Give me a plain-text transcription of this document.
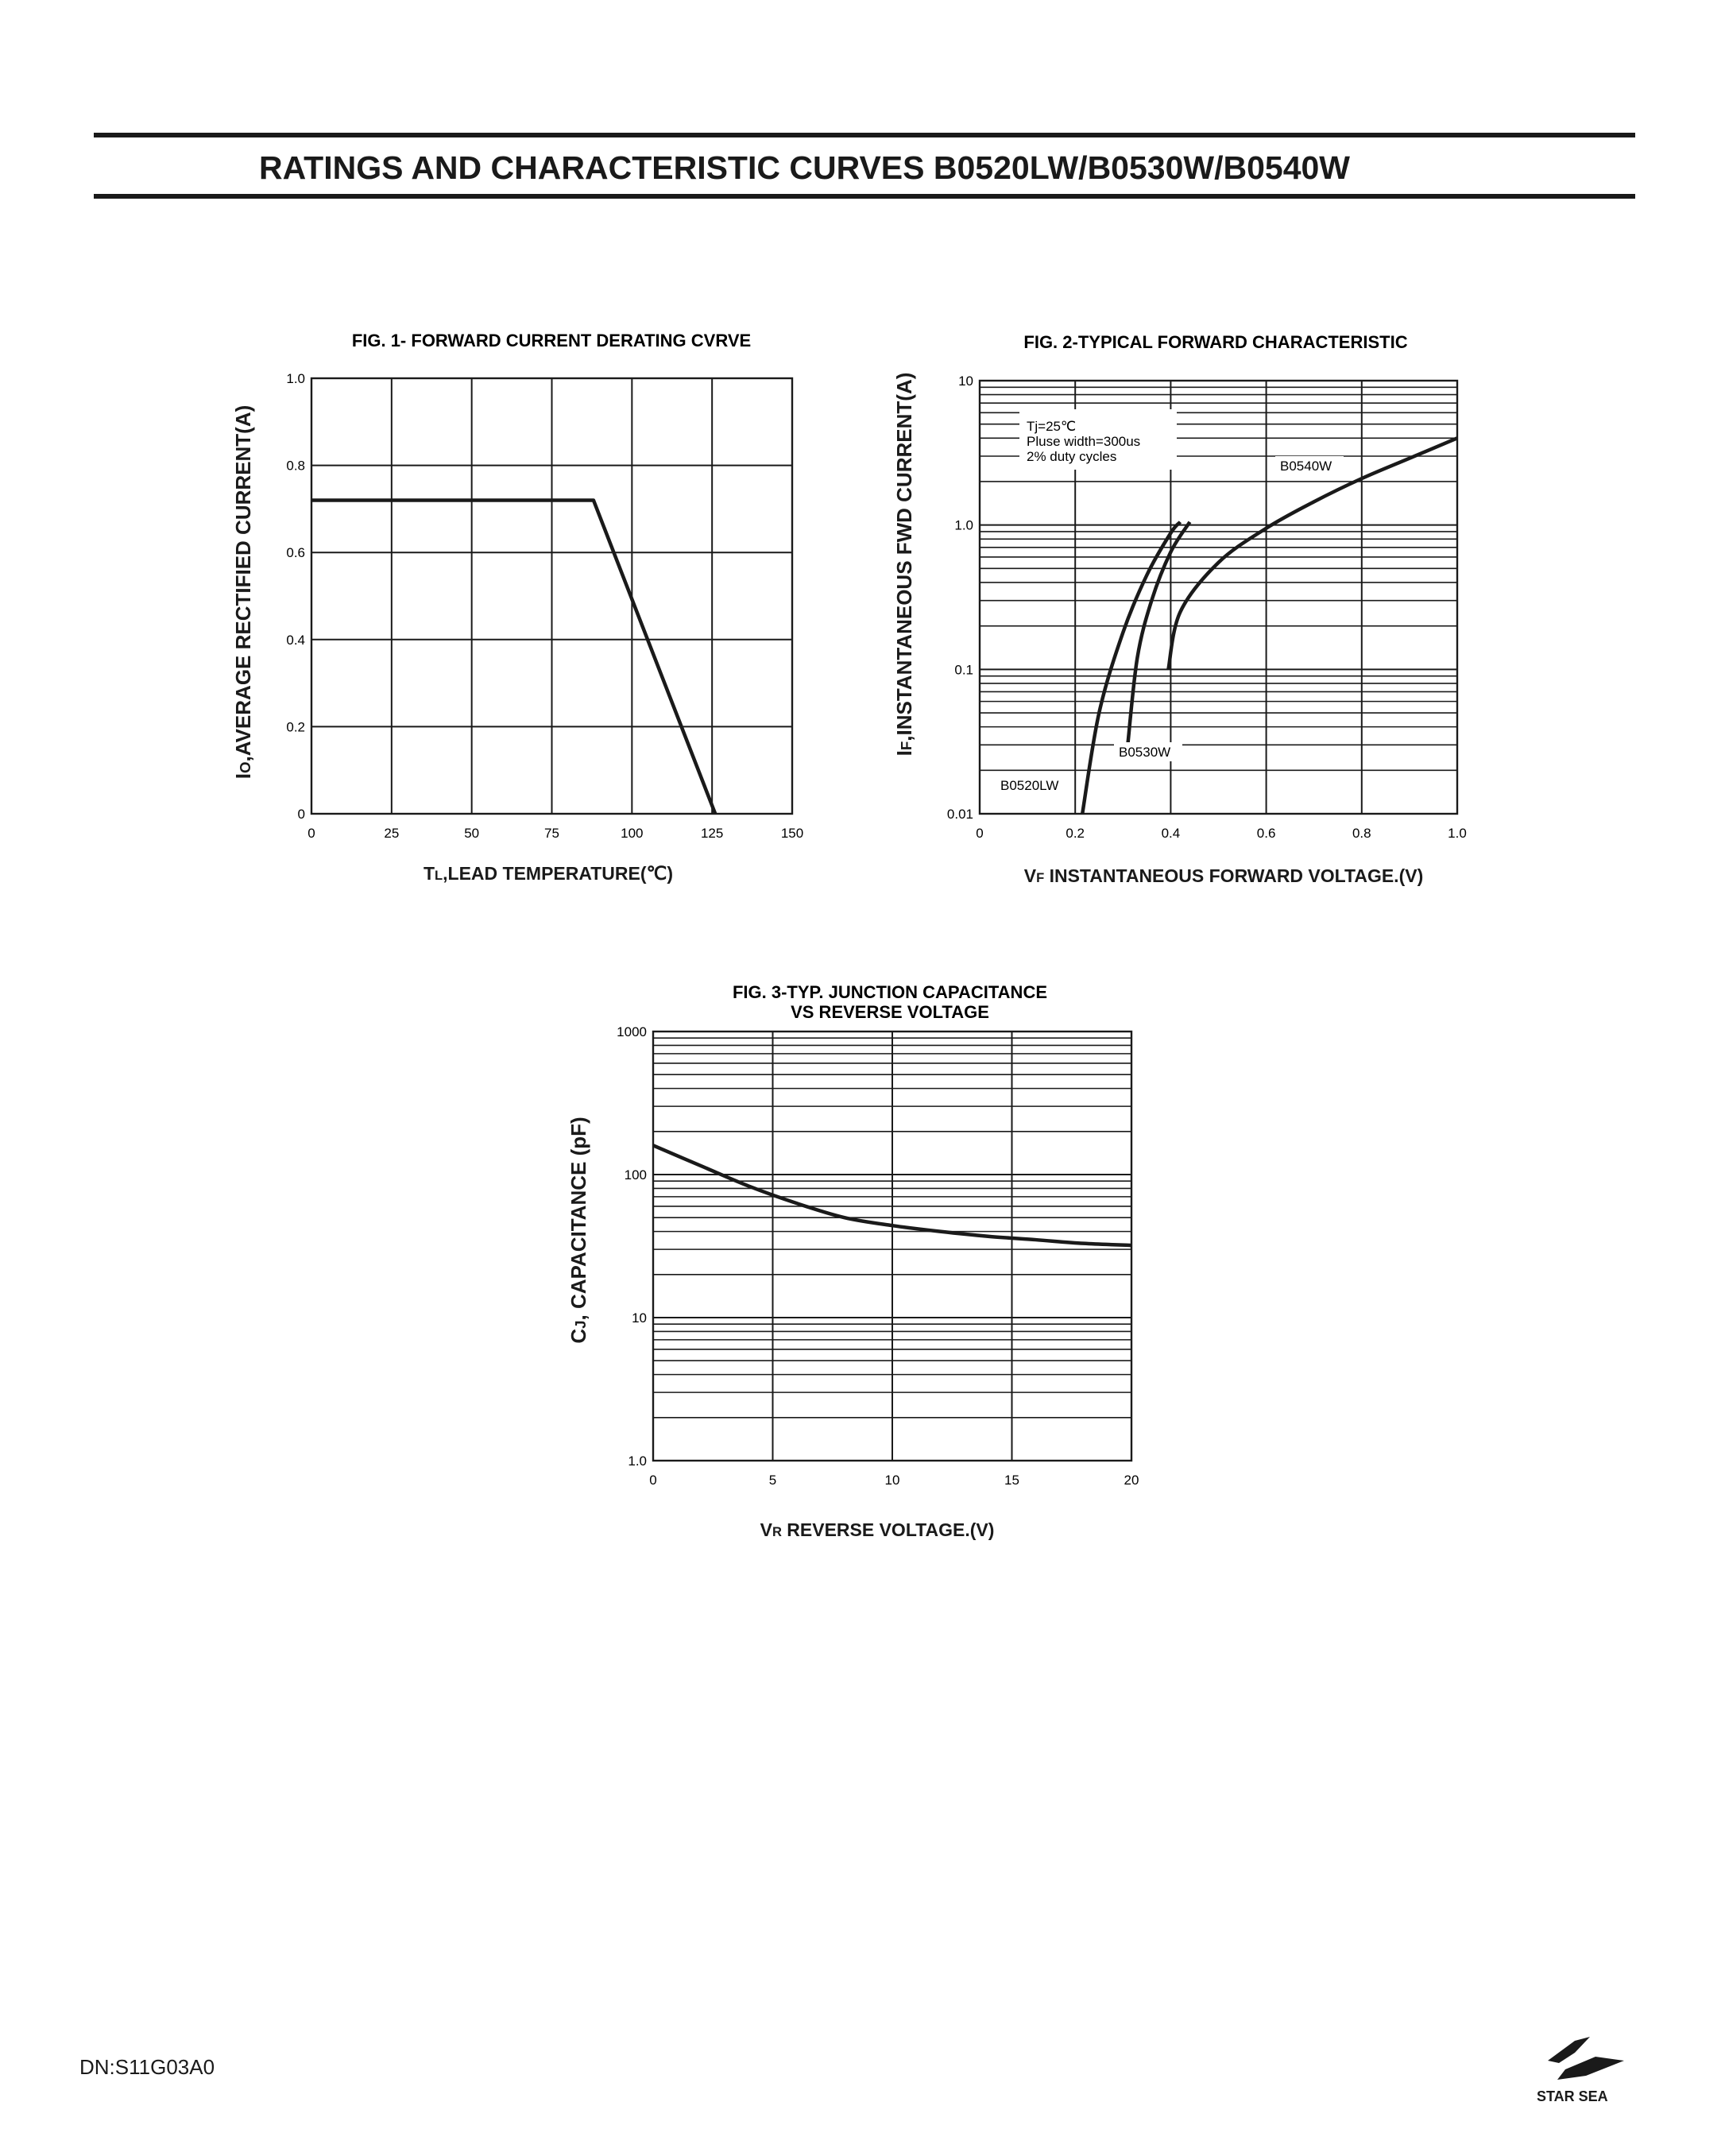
RATINGS AND CHARACTERISTIC CURVES B0520LW/B0530W/B0540W
FIG. 1- FORWARD CURRENT DERATING CVRVE
0
0.2
0.4
0.6
0.8
1.0
0	25	50	75	100	125	150
TL,LEAD TEMPERATURE(℃)
IO,AVERAGE RECTIFIED CURRENT(A)
FIG. 2-TYPICAL FORWARD CHARACTERISTIC
0.01
0.1
1.0
10
0	0.2	0.4	0.6	0.8	1.0
VF INSTANTANEOUS FORWARD VOLTAGE.(V)
IF,INSTANTANEOUS FWD CURRENT(A)	Tj=25℃
Pluse width=300us
2% duty cycles
B0540W
B0530W
B0520LW
FIG. 3-TYP. JUNCTION CAPACITANCE
VS REVERSE VOLTAGE
1.0
10
100
1000
0	5	10	15	20
VR REVERSE VOLTAGE.(V)
CJ, CAPACITANCE (pF)
DN:S11G03A0
STAR SEA
